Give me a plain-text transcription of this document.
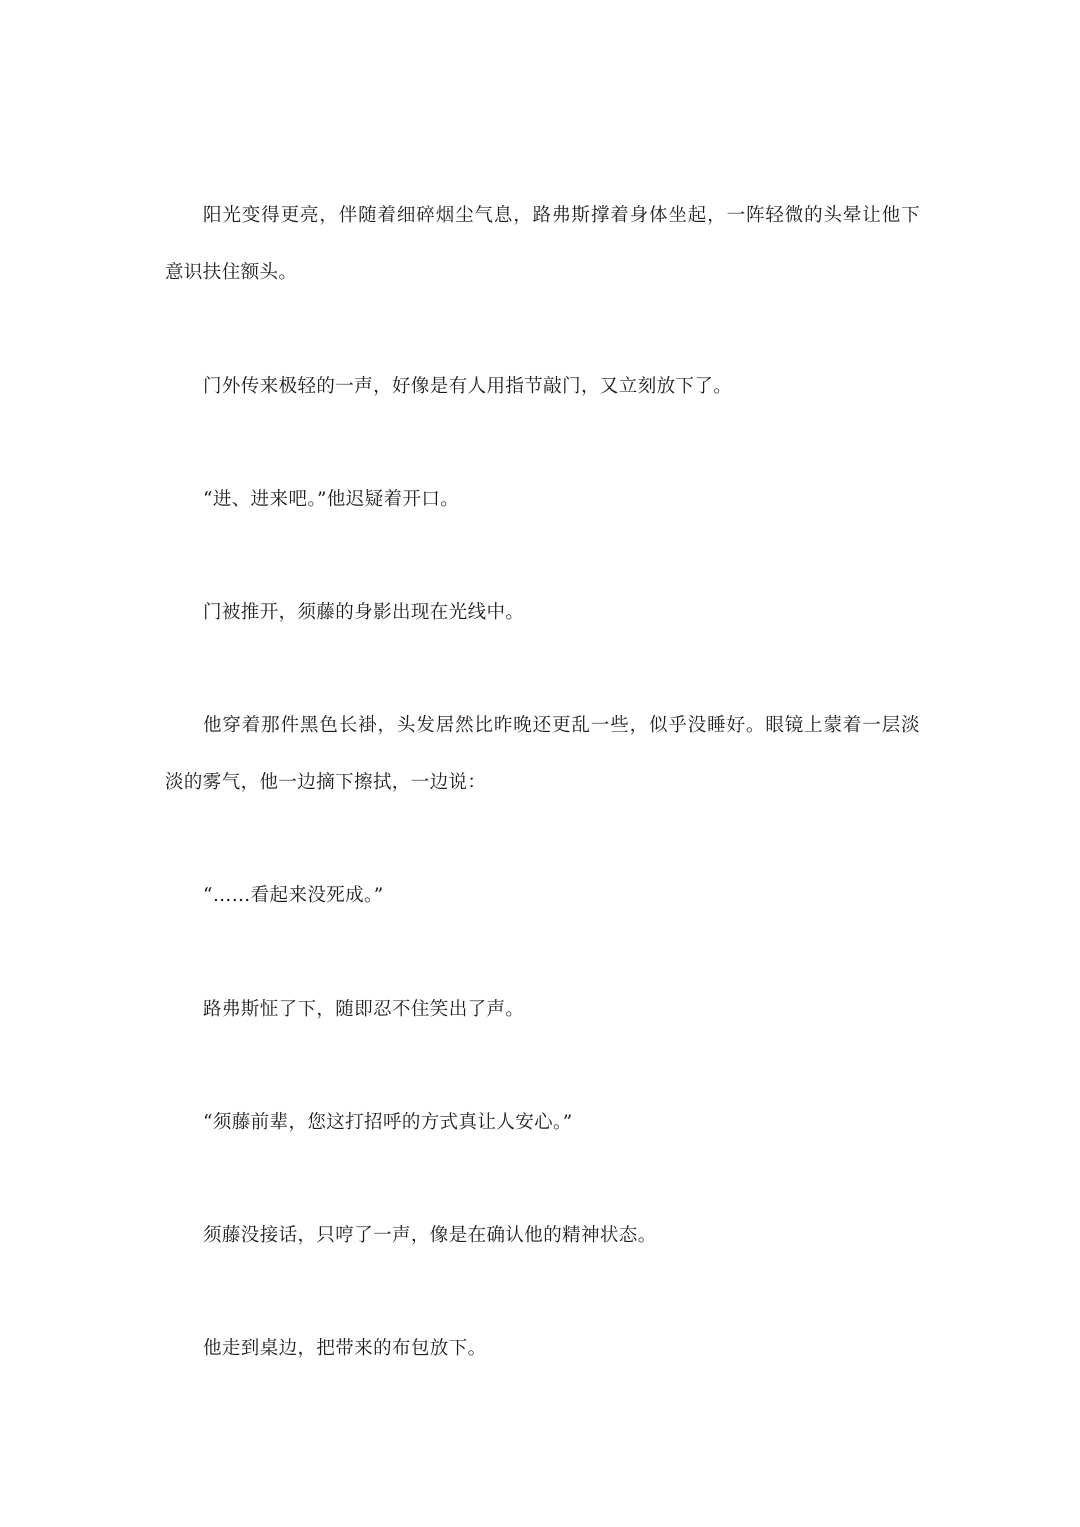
阳光变得更亮，伴随着细碎烟尘气息，路弗斯撑着身体坐起，一阵轻微的头晕让他下意识扶住额头。

门外传来极轻的一声，好像是有人用指节敲门，又立刻放下了。

“进、进来吧。”他迟疑着开口。

门被推开，须藤的身影出现在光线中。

他穿着那件黑色长褂，头发居然比昨晚还更乱一些，似乎没睡好。眼镜上蒙着一层淡淡的雾气，他一边摘下擦拭，一边说：

“……看起来没死成。”

路弗斯怔了下，随即忍不住笑出了声。

“须藤前辈，您这打招呼的方式真让人安心。”

须藤没接话，只哼了一声，像是在确认他的精神状态。

他走到桌边，把带来的布包放下。
